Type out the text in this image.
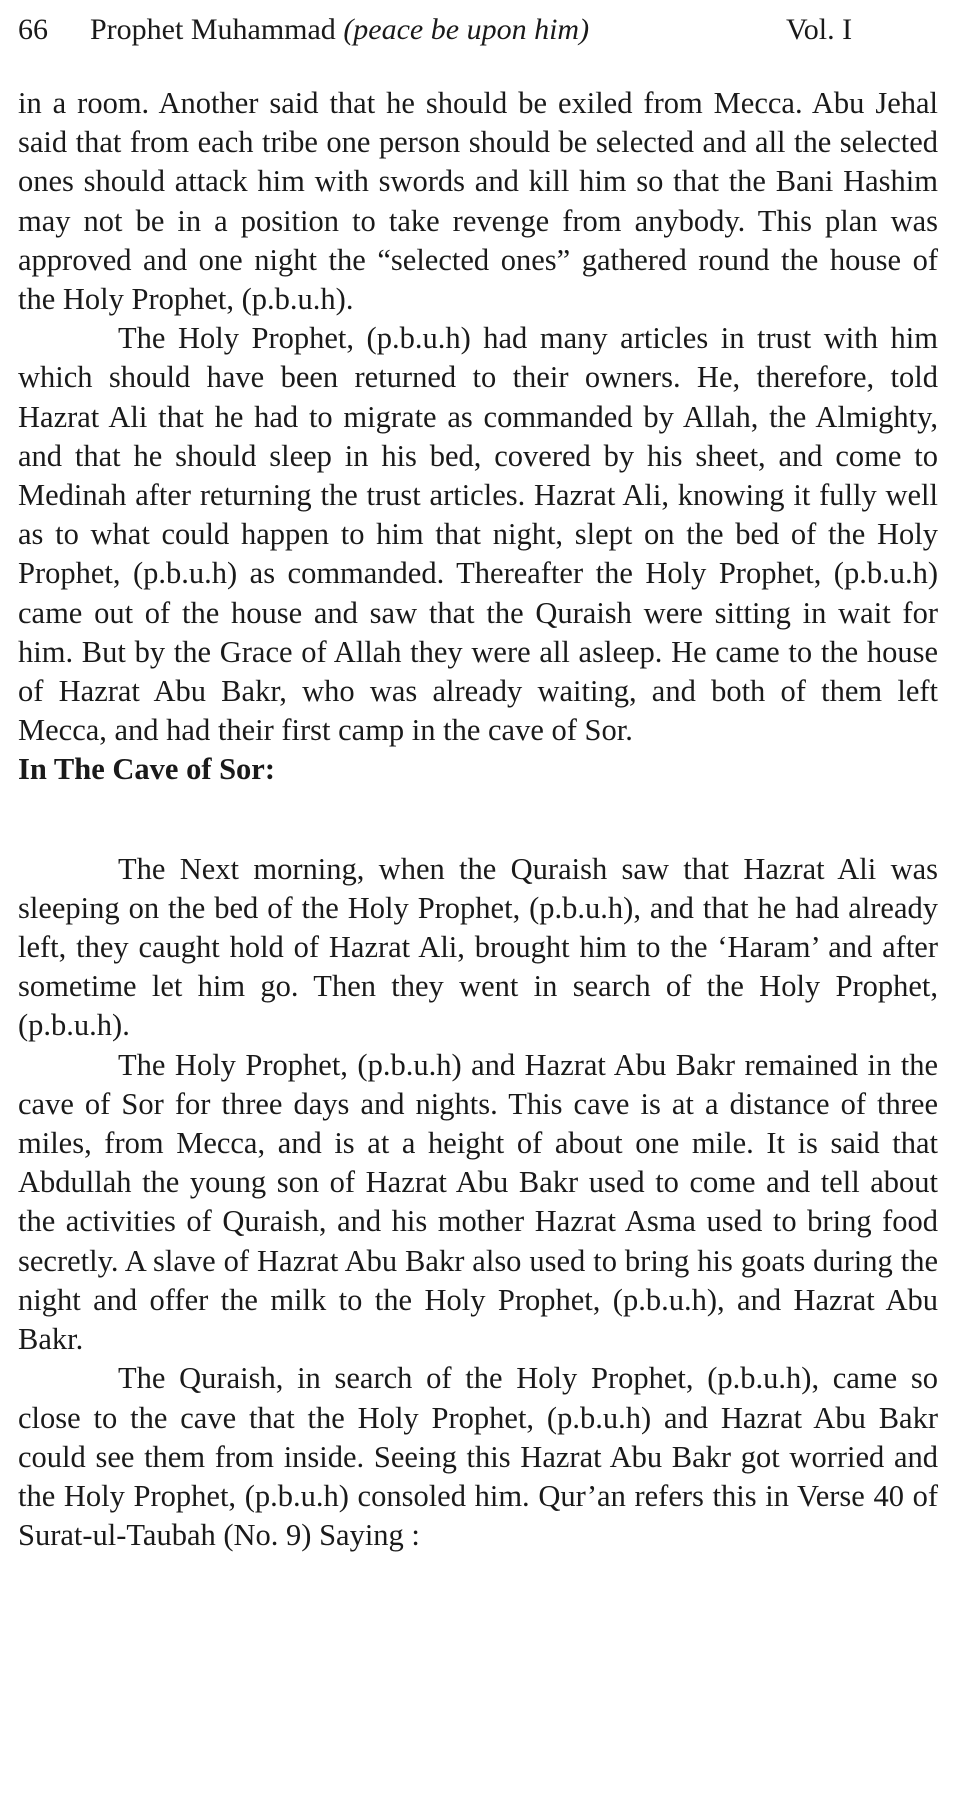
66 Prophet Muhammad (peace be upon him)	Vol. I

in a room. Another said that he should be exiled from Mecca. Abu Jehal said that from each tribe one person should be selected and all the selected ones should attack him with swords and kill him so that the Bani Hashim may not be in a position to take revenge from anybody. This plan was approved and one night the “selected ones” gathered round the house of the Holy Prophet, (p.b.u.h).

The Holy Prophet, (p.b.u.h) had many articles in trust with him which should have been returned to their owners. He, therefore, told Hazrat Ali that he had to migrate as commanded by Allah, the Almighty, and that he should sleep in his bed, covered by his sheet, and come to Medinah after returning the trust articles. Hazrat Ali, knowing it fully well as to what could happen to him that night, slept on the bed of the Holy Prophet, (p.b.u.h) as commanded. Thereafter the Holy Prophet, (p.b.u.h) came out of the house and saw that the Quraish were sitting in wait for him. But by the Grace of Allah they were all asleep. He came to the house of Hazrat Abu Bakr, who was already waiting, and both of them left Mecca, and had their first camp in the cave of Sor.

In The Cave of Sor:

The Next morning, when the Quraish saw that Hazrat Ali was sleeping on the bed of the Holy Prophet, (p.b.u.h), and that he had already left, they caught hold of Hazrat Ali, brought him to the ‘Haram’ and after sometime let him go. Then they went in search of the Holy Prophet, (p.b.u.h).

The Holy Prophet, (p.b.u.h) and Hazrat Abu Bakr remained in the cave of Sor for three days and nights. This cave is at a distance of three miles, from Mecca, and is at a height of about one mile. It is said that Abdullah the young son of Hazrat Abu Bakr used to come and tell about the activities of Quraish, and his mother Hazrat Asma used to bring food secretly. A slave of Hazrat Abu Bakr also used to bring his goats during the night and offer the milk to the Holy Prophet, (p.b.u.h), and Hazrat Abu Bakr.

The Quraish, in search of the Holy Prophet, (p.b.u.h), came so close to the cave that the Holy Prophet, (p.b.u.h) and Hazrat Abu Bakr could see them from inside. Seeing this Hazrat Abu Bakr got worried and the Holy Prophet, (p.b.u.h) consoled him. Qur’an refers this in Verse 40 of Surat-ul-Taubah (No. 9) Saying :
